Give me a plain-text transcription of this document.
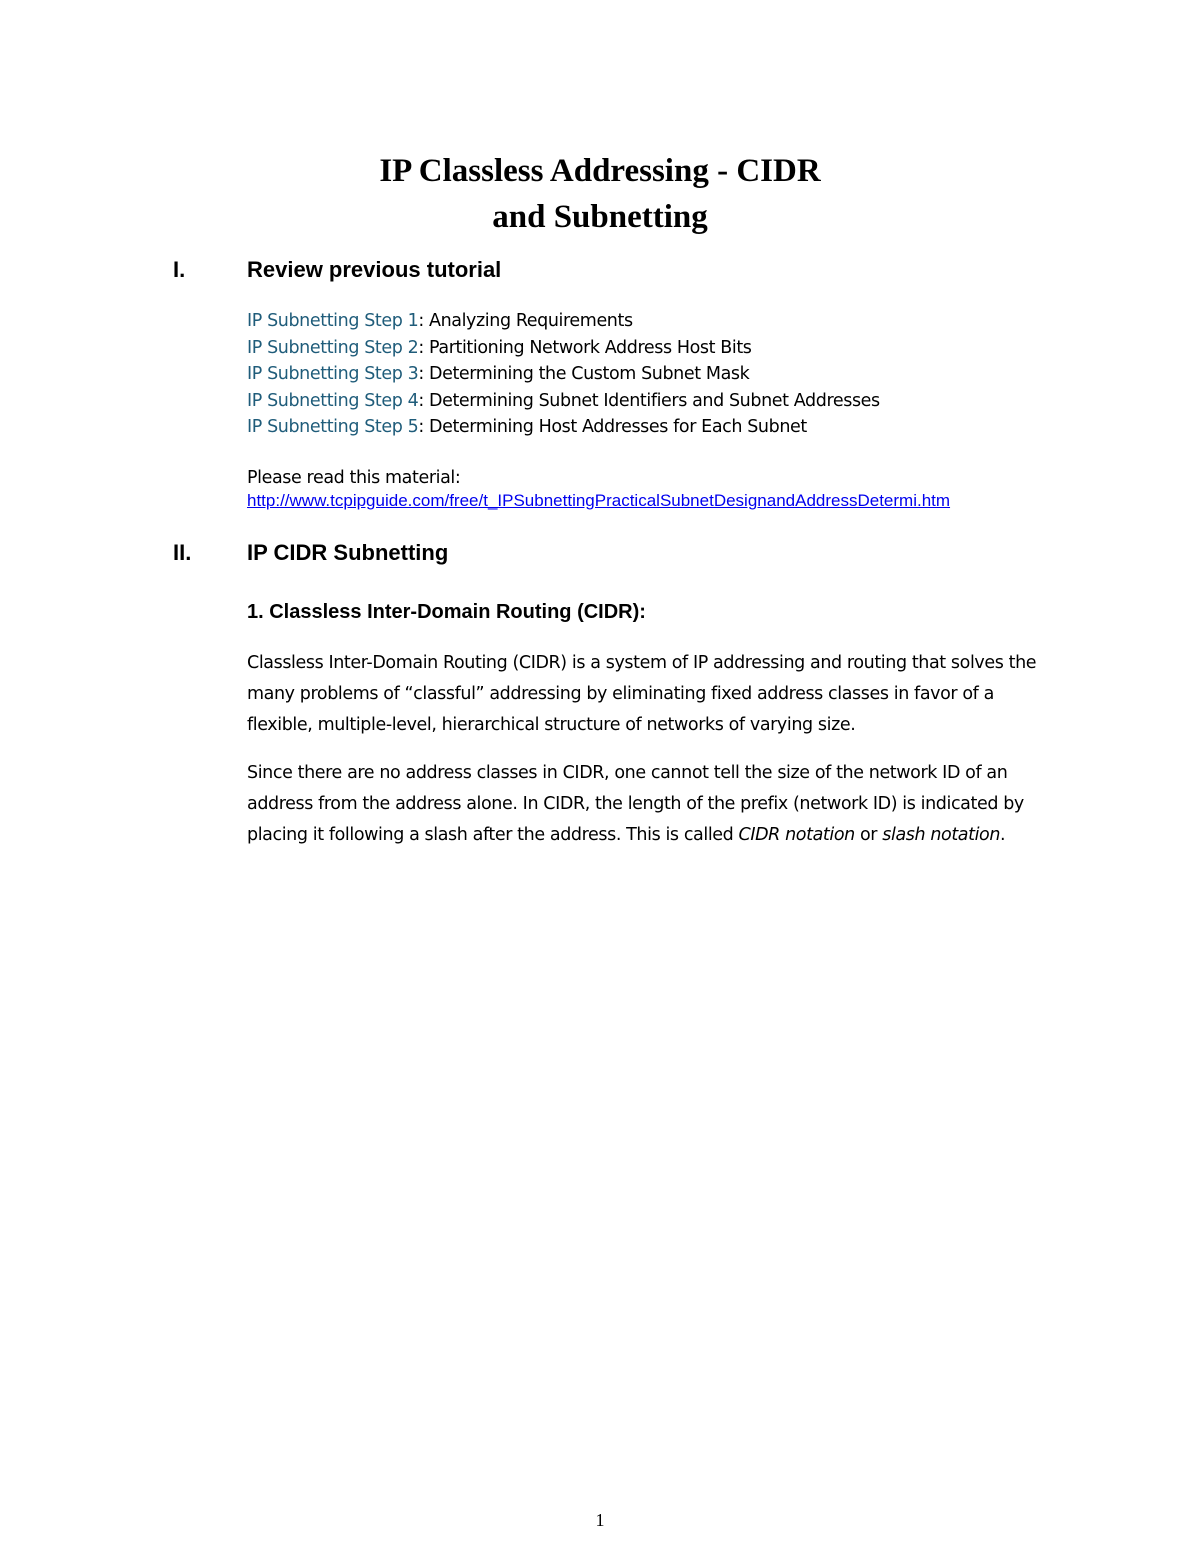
IP Classless Addressing - CIDR
and Subnetting
I.	Review previous tutorial
IP Subnetting Step 1: Analyzing Requirements
IP Subnetting Step 2: Partitioning Network Address Host Bits
IP Subnetting Step 3: Determining the Custom Subnet Mask
IP Subnetting Step 4: Determining Subnet Identifiers and Subnet Addresses
IP Subnetting Step 5: Determining Host Addresses for Each Subnet
Please read this material:
http://www.tcpipguide.com/free/t_IPSubnettingPracticalSubnetDesignandAddressDetermi.htm
II.	IP CIDR Subnetting
1. Classless Inter-Domain Routing (CIDR):

Classless Inter-Domain Routing (CIDR) is a system of IP addressing and routing that solves the many problems of “classful” addressing by eliminating fixed address classes in favor of a flexible, multiple-level, hierarchical structure of networks of varying size.

Since there are no address classes in CIDR, one cannot tell the size of the network ID of an address from the address alone. In CIDR, the length of the prefix (network ID) is indicated by placing it following a slash after the address. This is called CIDR notation or slash notation.

1
